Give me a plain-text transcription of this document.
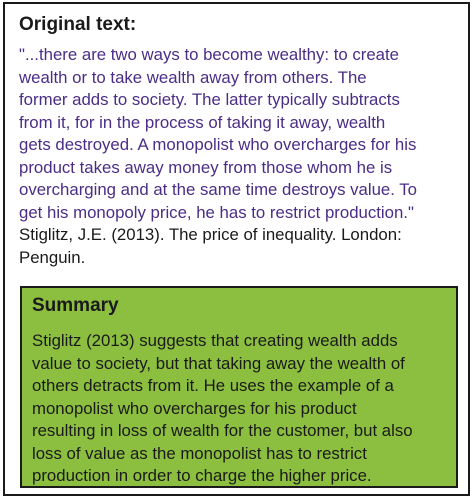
Original text:

"...there are two ways to become wealthy: to create
wealth or to take wealth away from others. The
former adds to society. The latter typically subtracts
from it, for in the process of taking it away, wealth
gets destroyed. A monopolist who overcharges for his
product takes away money from those whom he is
overcharging and at the same time destroys value. To
get his monopoly price, he has to restrict production."
Stiglitz, J.E. (2013). The price of inequality. London:
Penguin.

Summary

Stiglitz (2013) suggests that creating wealth adds
value to society, but that taking away the wealth of
others detracts from it. He uses the example of a
monopolist who overcharges for his product
resulting in loss of wealth for the customer, but also
loss of value as the monopolist has to restrict
production in order to charge the higher price.
